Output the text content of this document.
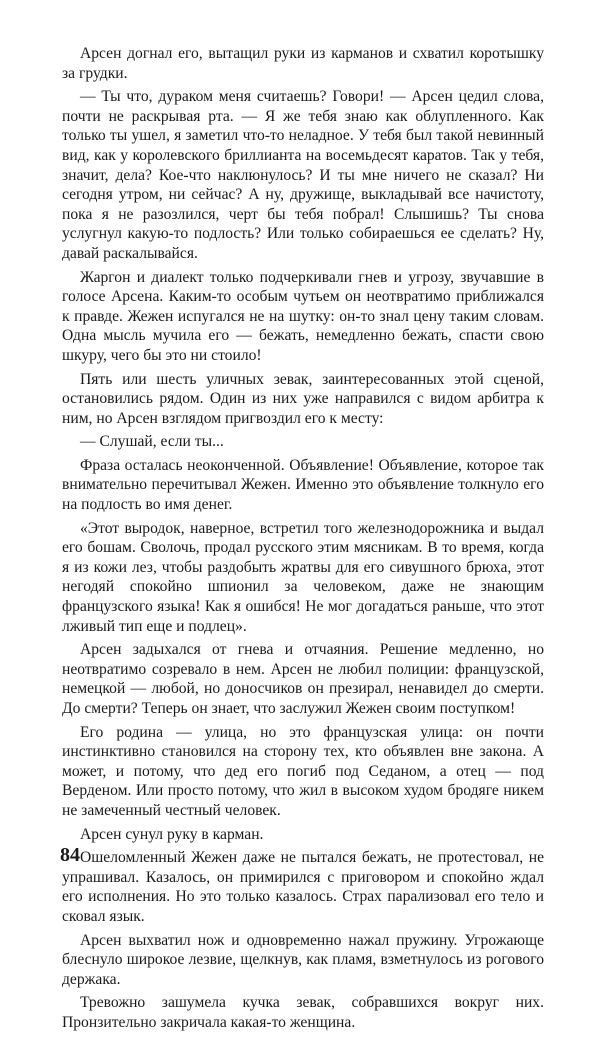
Арсен догнал его, вытащил руки из карманов и схватил коротышку за грудки.

— Ты что, дураком меня считаешь? Говори! — Арсен цедил слова, почти не раскрывая рта. — Я же тебя знаю как облупленного. Как только ты ушел, я заметил что-то неладное. У тебя был такой невинный вид, как у королевского бриллианта на восемьдесят каратов. Так у тебя, значит, дела? Кое-что наклюнулось? И ты мне ничего не сказал? Ни сегодня утром, ни сейчас? А ну, дружище, выкладывай все начистоту, пока я не разозлился, черт бы тебя побрал! Слышишь? Ты снова услугнул какую-то подлость? Или только собираешься ее сделать? Ну, давай раскалывайся.

Жаргон и диалект только подчеркивали гнев и угрозу, звучавшие в голосе Арсена. Каким-то особым чутьем он неотвратимо приближался к правде. Жежен испугался не на шутку: он-то знал цену таким словам. Одна мысль мучила его — бежать, немедленно бежать, спасти свою шкуру, чего бы это ни стоило!

Пять или шесть уличных зевак, заинтересованных этой сценой, остановились рядом. Один из них уже направился с видом арбитра к ним, но Арсен взглядом пригвоздил его к месту:

— Слушай, если ты...

Фраза осталась неоконченной. Объявление! Объявление, которое так внимательно перечитывал Жежен. Именно это объявление толкнуло его на подлость во имя денег.

«Этот выродок, наверное, встретил того железнодорожника и выдал его бошам. Сволочь, продал русского этим мясникам. В то время, когда я из кожи лез, чтобы раздобыть жратвы для его сивушного брюха, этот негодяй спокойно шпионил за человеком, даже не знающим французского языка! Как я ошибся! Не мог догадаться раньше, что этот лживый тип еще и подлец».

Арсен задыхался от гнева и отчаяния. Решение медленно, но неотвратимо созревало в нем. Арсен не любил полиции: французской, немецкой — любой, но доносчиков он презирал, ненавидел до смерти. До смерти? Теперь он знает, что заслужил Жежен своим поступком!

Его родина — улица, но это французская улица: он почти инстинктивно становился на сторону тех, кто объявлен вне закона. А может, и потому, что дед его погиб под Седаном, а отец — под Верденом. Или просто потому, что жил в высоком худом бродяге никем не замеченный честный человек.

Арсен сунул руку в карман.

Ошеломленный Жежен даже не пытался бежать, не протестовал, не упрашивал. Казалось, он примирился с приговором и спокойно ждал его исполнения. Но это только казалось. Страх парализовал его тело и сковал язык.

Арсен выхватил нож и одновременно нажал пружину. Угрожающе блеснуло широкое лезвие, щелкнув, как пламя, взметнулось из рогового держака.

Тревожно зашумела кучка зевак, собравшихся вокруг них. Пронзительно закричала какая-то женщина.

84
